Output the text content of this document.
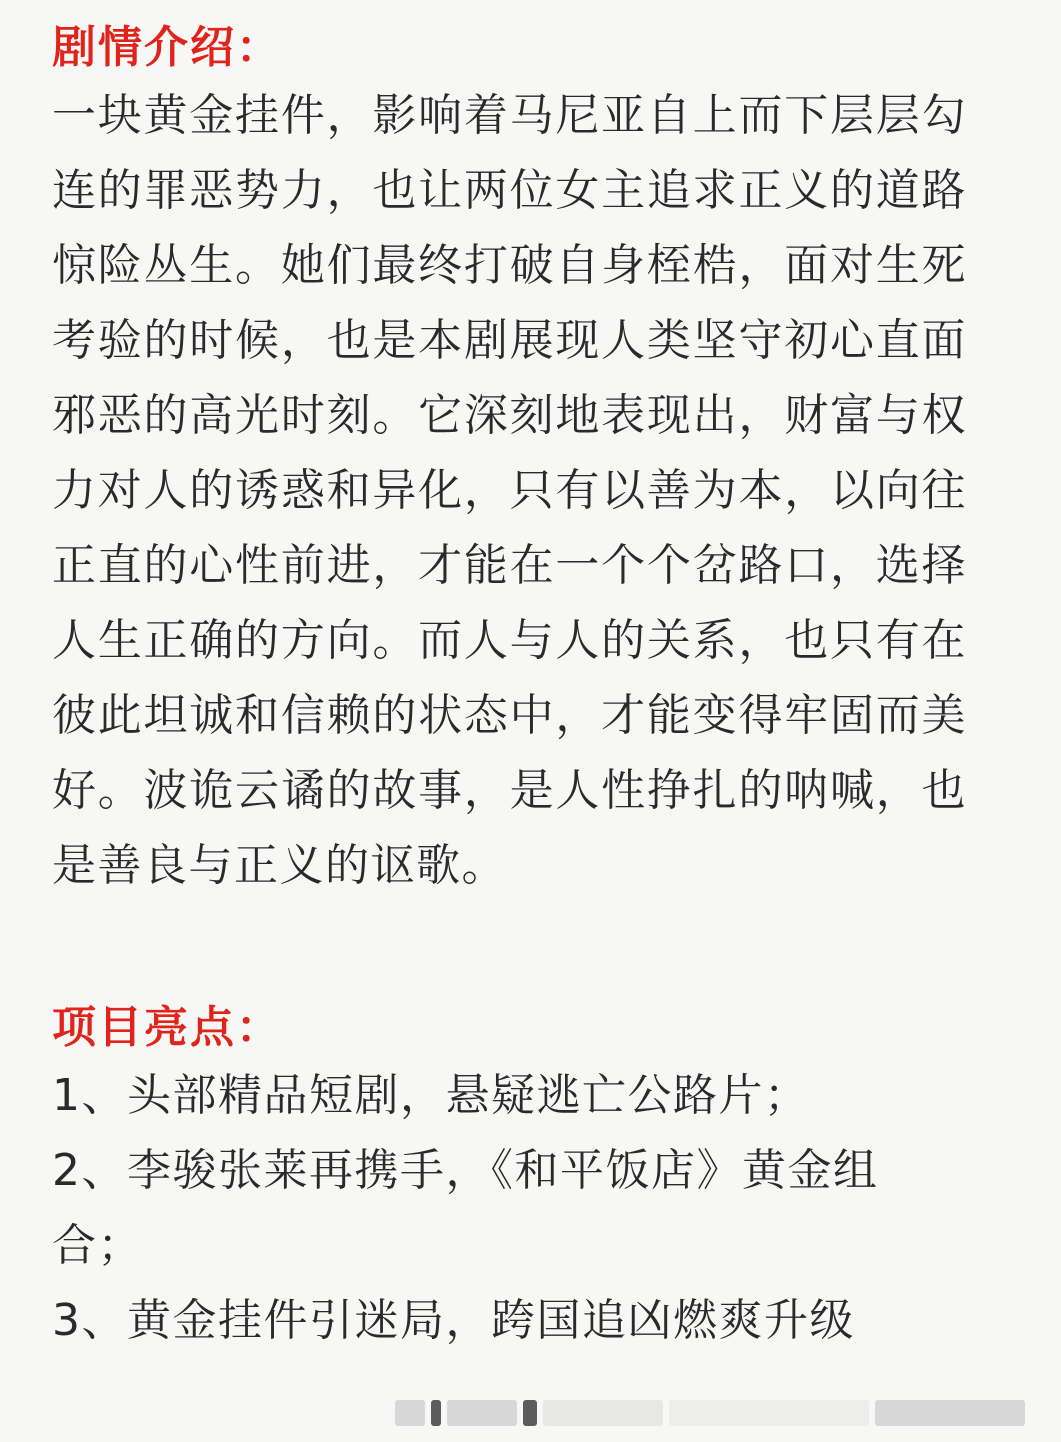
剧情介绍：

一块黄金挂件，影响着马尼亚自上而下层层勾连的罪恶势力，也让两位女主追求正义的道路惊险丛生。她们最终打破自身桎梏，面对生死考验的时候，也是本剧展现人类坚守初心直面邪恶的高光时刻。它深刻地表现出，财富与权力对人的诱惑和异化，只有以善为本，以向往正直的心性前进，才能在一个个岔路口，选择人生正确的方向。而人与人的关系，也只有在彼此坦诚和信赖的状态中，才能变得牢固而美好。波诡云谲的故事，是人性挣扎的呐喊，也是善良与正义的讴歌。

项目亮点：
1、头部精品短剧，悬疑逃亡公路片；
2、李骏张莱再携手，《和平饭店》黄金组合；
3、黄金挂件引迷局，跨国追凶燃爽升级
